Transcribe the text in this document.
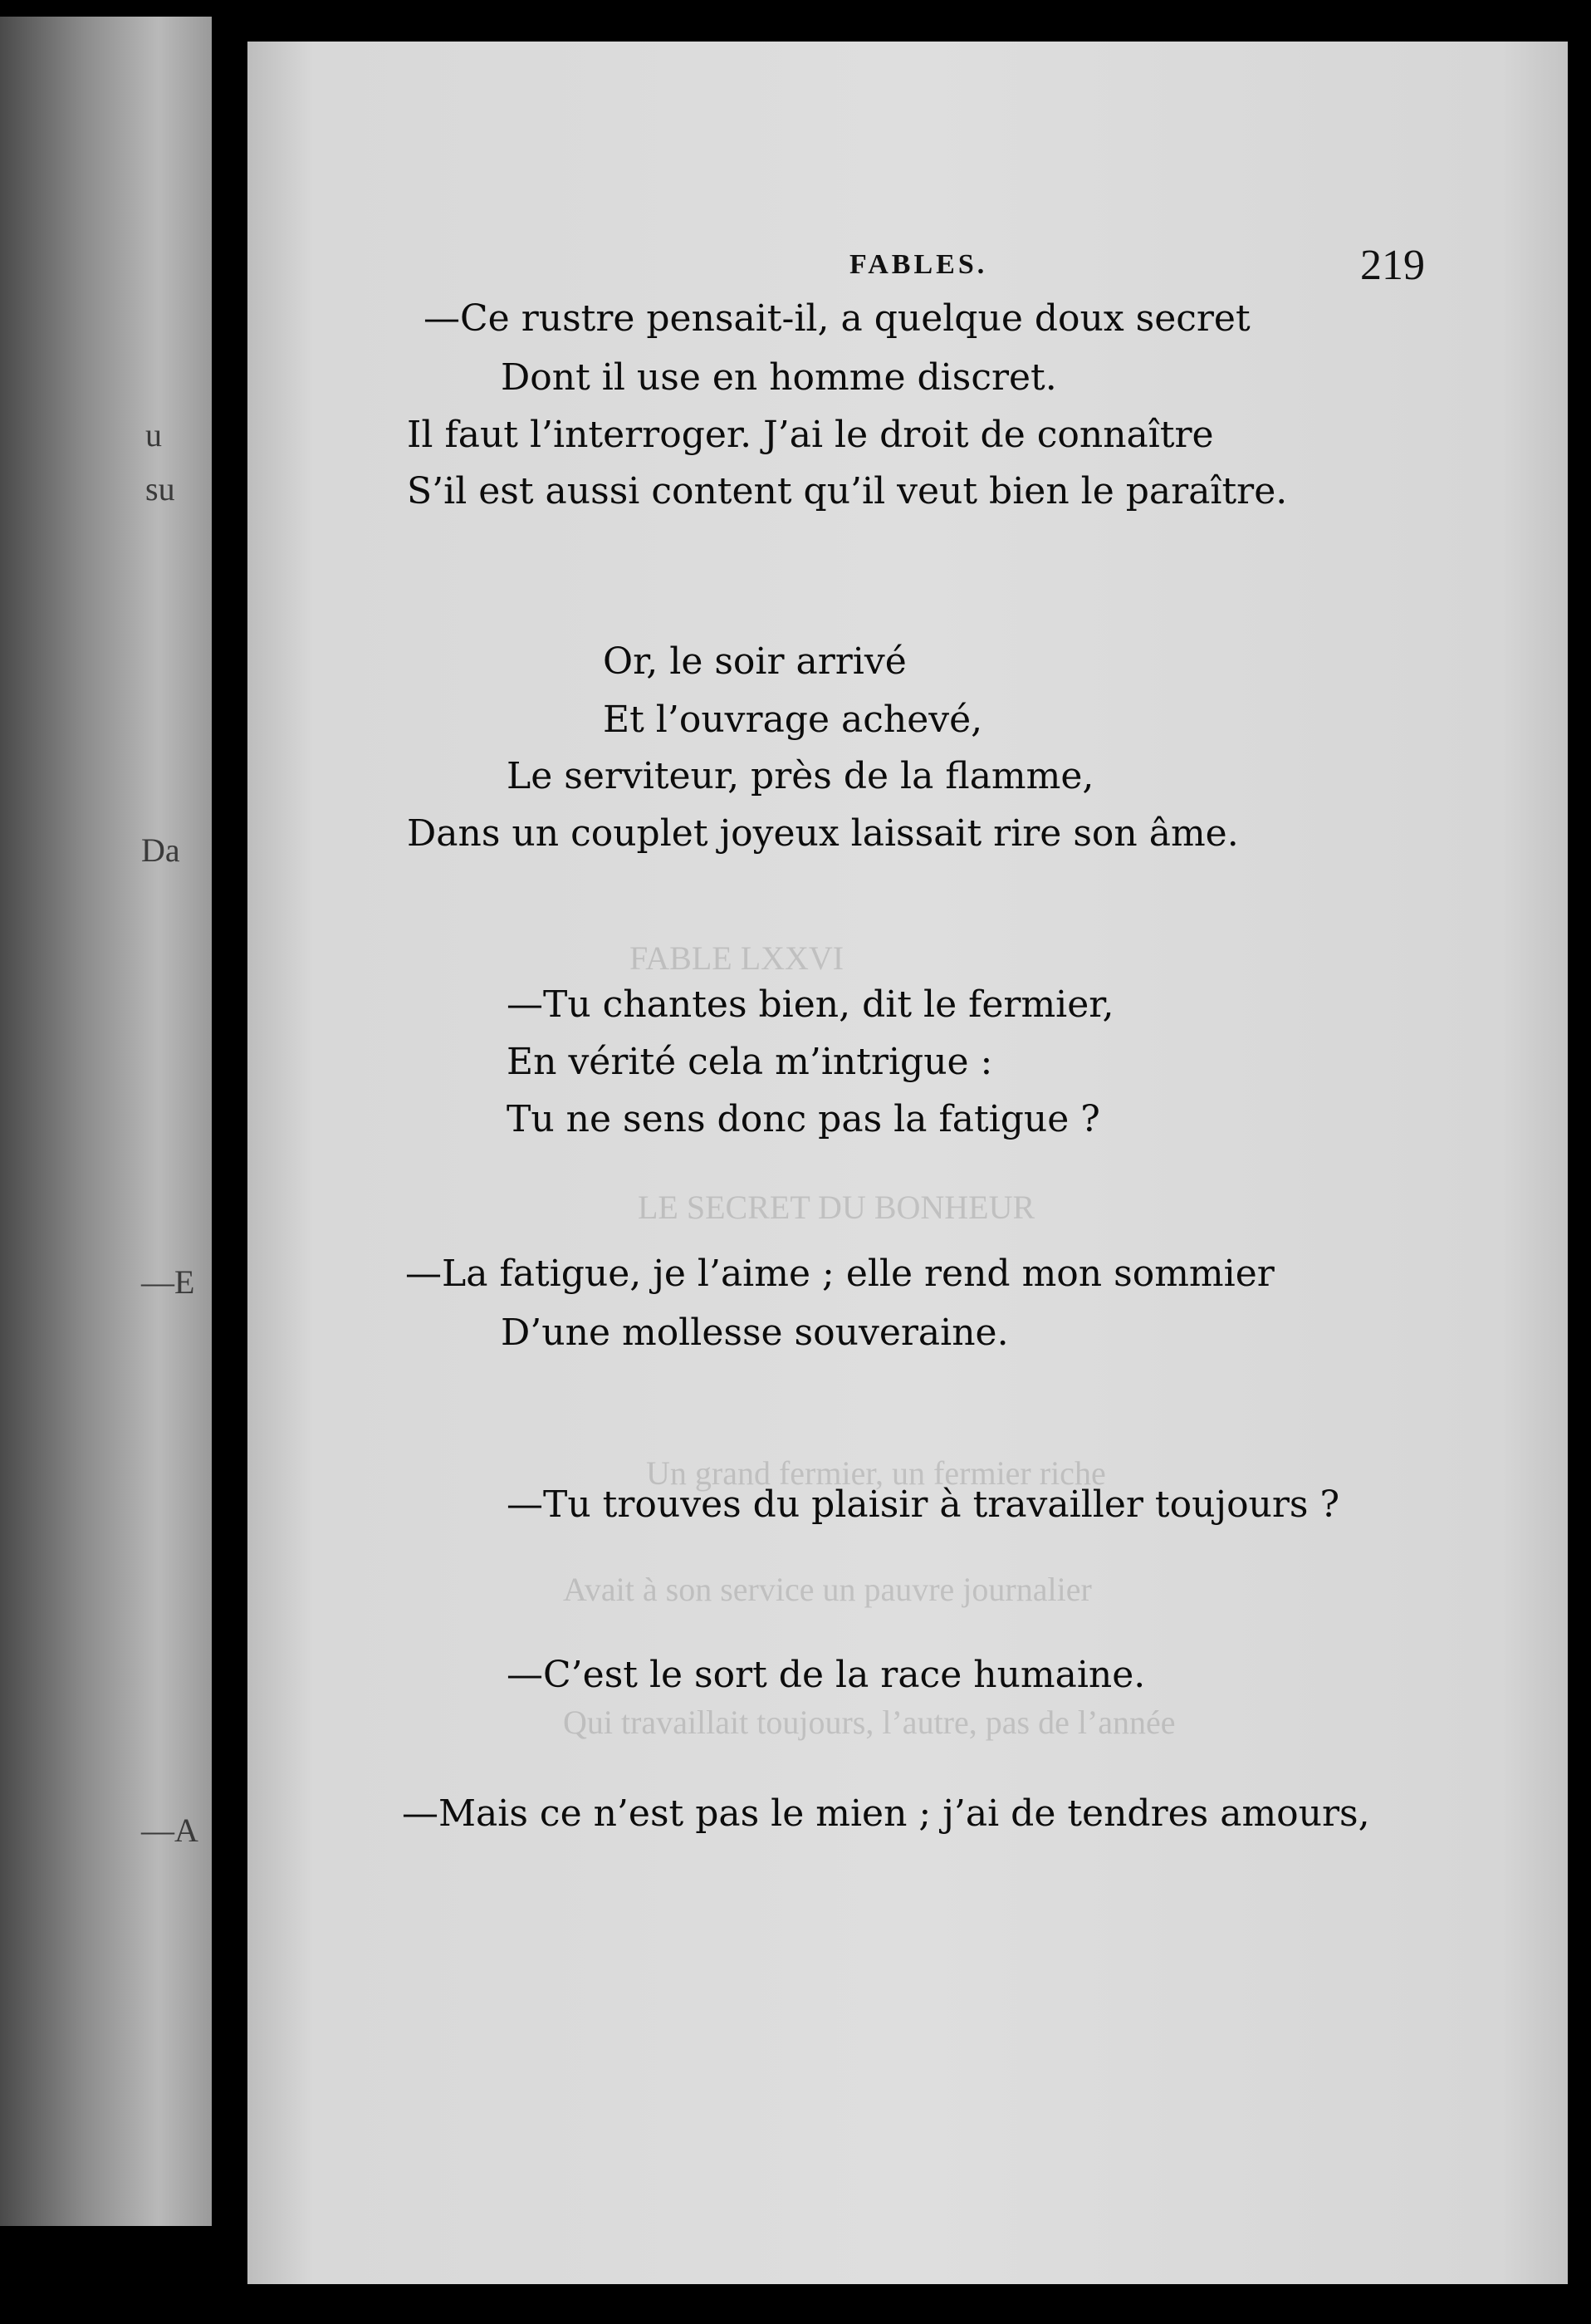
u
su
Da
—E
—A
FABLE LXXVI
LE SECRET DU BONHEUR
Un grand fermier, un fermier riche
Avait à son service un pauvre journalier
Qui travaillait toujours, l’autre, pas de l’année
FABLES.	219
—Ce rustre pensait-il, a quelque doux secret
Dont il use en homme discret.
Il faut l’interroger. J’ai le droit de connaître
S’il est aussi content qu’il veut bien le paraître.
Or, le soir arrivé
Et l’ouvrage achevé,
Le serviteur, près de la flamme,
Dans un couplet joyeux laissait rire son âme.
—Tu chantes bien, dit le fermier,
En vérité cela m’intrigue :
Tu ne sens donc pas la fatigue ?
—La fatigue, je l’aime ; elle rend mon sommier
D’une mollesse souveraine.
—Tu trouves du plaisir à travailler toujours ?
—C’est le sort de la race humaine.
—Mais ce n’est pas le mien ; j’ai de tendres amours,
